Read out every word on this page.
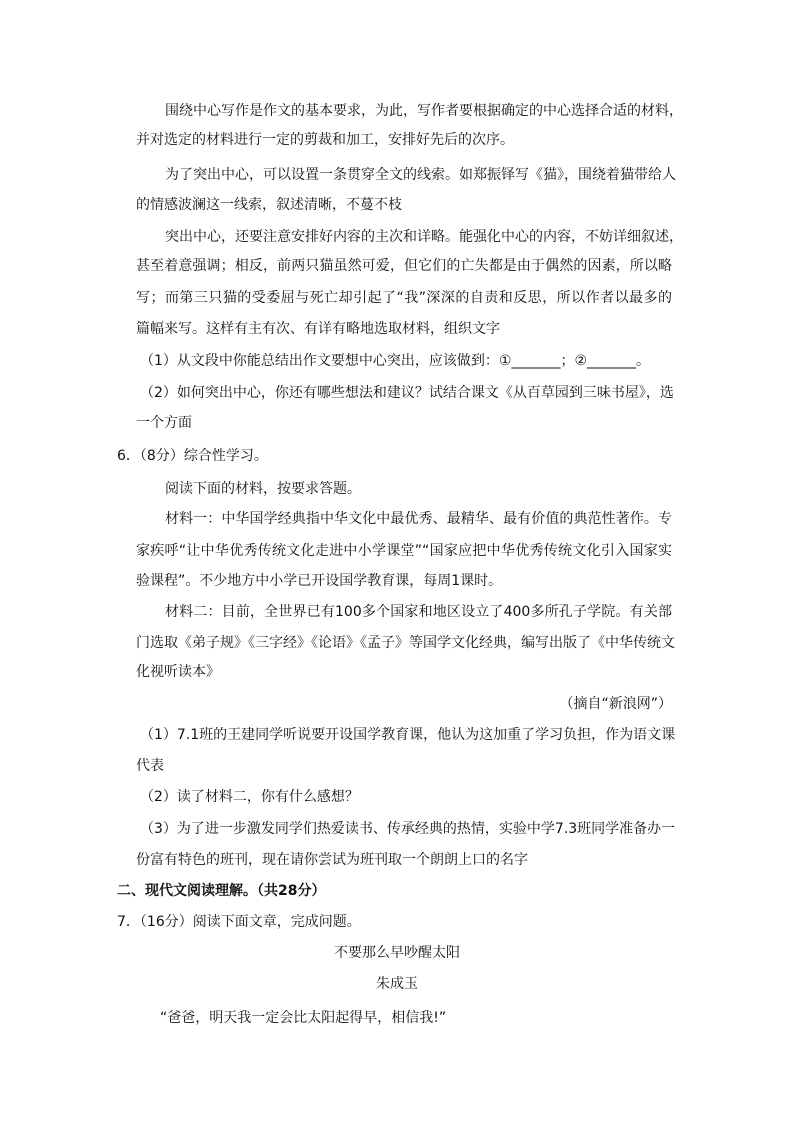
围绕中心写作是作文的基本要求，为此，写作者要根据确定的中心选择合适的材料，
并对选定的材料进行一定的剪裁和加工，安排好先后的次序。
为了突出中心，可以设置一条贯穿全文的线索。如郑振铎写《猫》，围绕着猫带给人
的情感波澜这一线索，叙述清晰，不蔓不枝
突出中心，还要注意安排好内容的主次和详略。能强化中心的内容，不妨详细叙述，
甚至着意强调；相反，前两只猫虽然可爱，但它们的亡失都是由于偶然的因素，所以略
写；而第三只猫的受委屈与死亡却引起了“我”深深的自责和反思，所以作者以最多的
篇幅来写。这样有主有次、有详有略地选取材料，组织文字
（1）从文段中你能总结出作文要想中心突出，应该做到：①_______；②_______。
（2）如何突出中心，你还有哪些想法和建议？试结合课文《从百草园到三味书屋》，选
一个方面
6．（8分）综合性学习。
阅读下面的材料，按要求答题。
材料一：中华国学经典指中华文化中最优秀、最精华、最有价值的典范性著作。专
家疾呼“让中华优秀传统文化走进中小学课堂”“国家应把中华优秀传统文化引入国家实
验课程”。不少地方中小学已开设国学教育课，每周1课时。
材料二：目前，全世界已有100多个国家和地区设立了400多所孔子学院。有关部
门选取《弟子规》《三字经》《论语》《孟子》等国学文化经典，编写出版了《中华传统文
化视听读本》
（摘自“新浪网”）
（1）7.1班的王建同学听说要开设国学教育课，他认为这加重了学习负担，作为语文课
代表
（2）读了材料二，你有什么感想？
（3）为了进一步激发同学们热爱读书、传承经典的热情，实验中学7.3班同学准备办一
份富有特色的班刊，现在请你尝试为班刊取一个朗朗上口的名字
二、现代文阅读理解。（共28分）
7．（16分）阅读下面文章，完成问题。
不要那么早吵醒太阳
朱成玉
“爸爸，明天我一定会比太阳起得早，相信我!”
